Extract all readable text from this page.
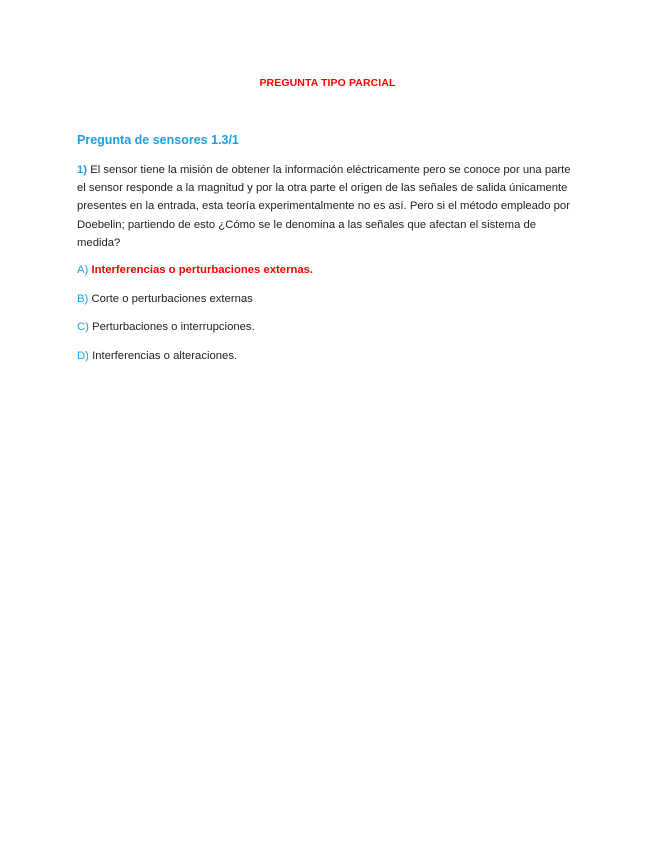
PREGUNTA TIPO PARCIAL
Pregunta de sensores 1.3/1
1) El sensor tiene la misión de obtener la información eléctricamente pero se conoce por una parte el sensor responde a la magnitud y por la otra parte el origen de las señales de salida únicamente presentes en la entrada, esta teoría experimentalmente no es así. Pero si el método empleado por Doebelin; partiendo de esto ¿Cómo se le denomina a las señales que afectan el sistema de medida?
A) Interferencias o perturbaciones externas.
B) Corte o perturbaciones externas
C) Perturbaciones o interrupciones.
D) Interferencias o alteraciones.
